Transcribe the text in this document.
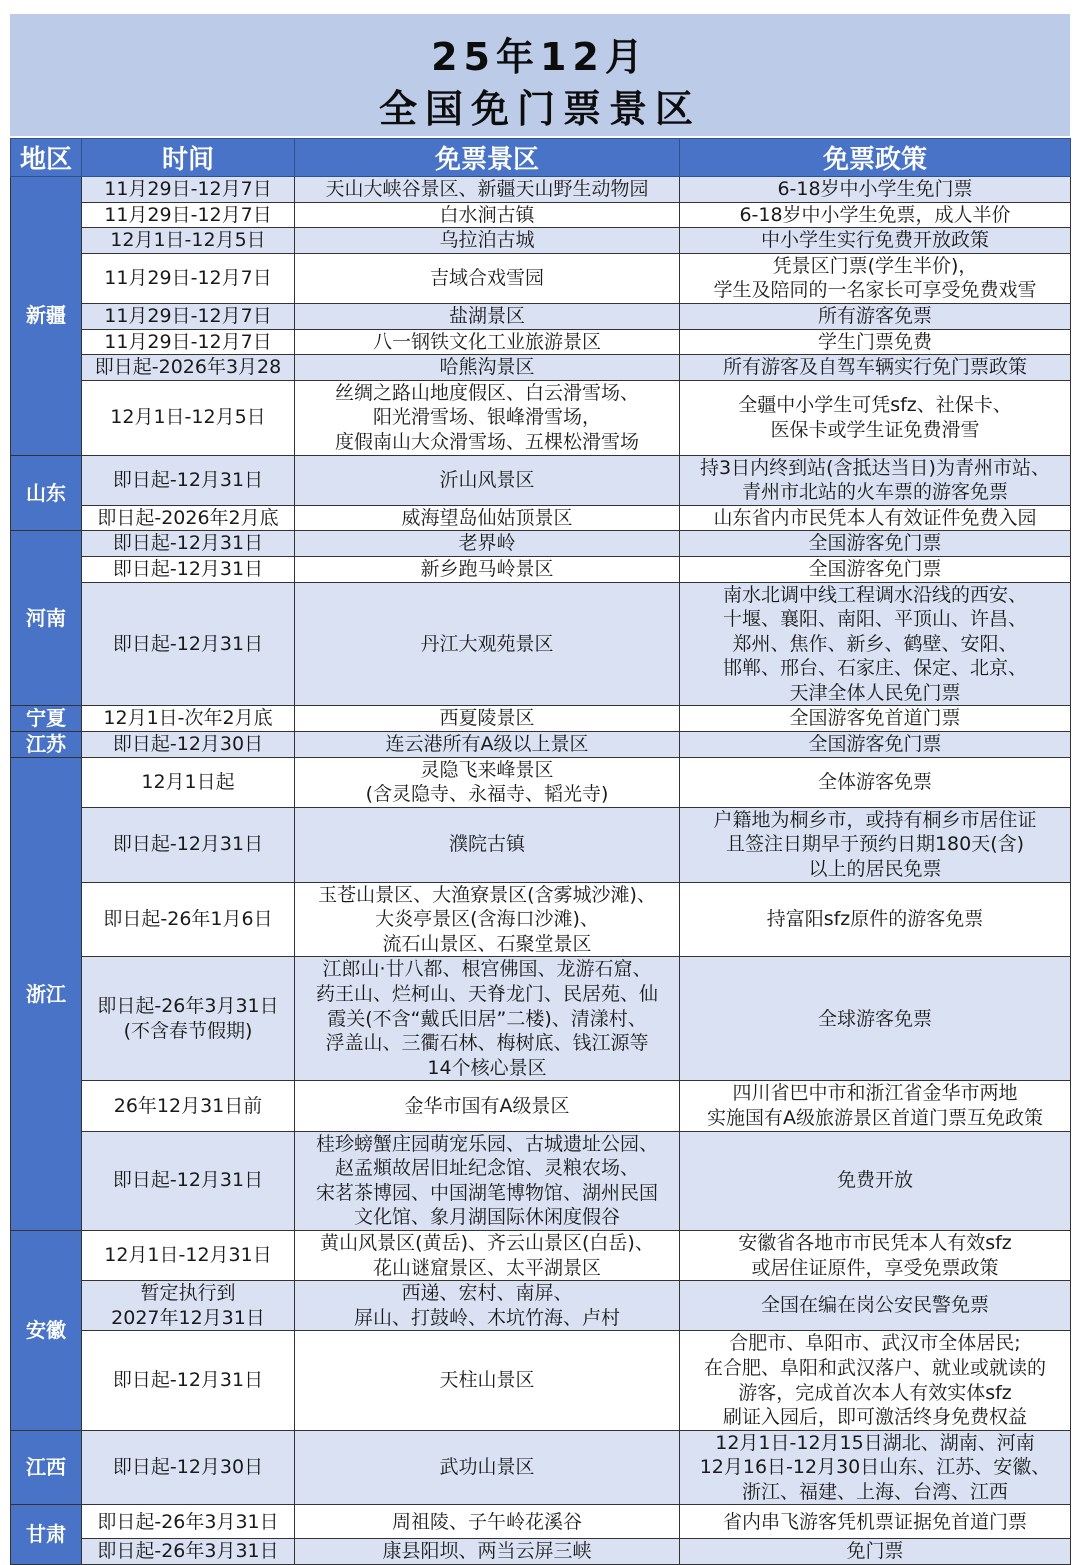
25年12月
全国免门票景区
地区	时间	免票景区	免票政策
新疆	11月29日-12月7日	天山大峡谷景区、新疆天山野生动物园	6-18岁中小学生免门票
	11月29日-12月7日	白水涧古镇	6-18岁中小学生免票，成人半价
	12月1日-12月5日	乌拉泊古城	中小学生实行免费开放政策
	11月29日-12月7日	吉域合戏雪园	凭景区门票(学生半价)，
学生及陪同的一名家长可享受免费戏雪
	11月29日-12月7日	盐湖景区	所有游客免票
	11月29日-12月7日	八一钢铁文化工业旅游景区	学生门票免费
	即日起-2026年3月28	哈熊沟景区	所有游客及自驾车辆实行免门票政策
	12月1日-12月5日	丝绸之路山地度假区、白云滑雪场、
阳光滑雪场、银峰滑雪场，
度假南山大众滑雪场、五棵松滑雪场	全疆中小学生可凭sfz、社保卡、
医保卡或学生证免费滑雪
山东	即日起-12月31日	沂山风景区	持3日内终到站(含抵达当日)为青州市站、
青州市北站的火车票的游客免票
	即日起-2026年2月底	威海望岛仙姑顶景区	山东省内市民凭本人有效证件免费入园
河南	即日起-12月31日	老界岭	全国游客免门票
	即日起-12月31日	新乡跑马岭景区	全国游客免门票
	即日起-12月31日	丹江大观苑景区	南水北调中线工程调水沿线的西安、
十堰、襄阳、南阳、平顶山、许昌、
郑州、焦作、新乡、鹤壁、安阳、
邯郸、邢台、石家庄、保定、北京、
天津全体人民免门票
宁夏	12月1日-次年2月底	西夏陵景区	全国游客免首道门票
江苏	即日起-12月30日	连云港所有A级以上景区	全国游客免门票
浙江	12月1日起	灵隐飞来峰景区
(含灵隐寺、永福寺、韬光寺)	全体游客免票
	即日起-12月31日	濮院古镇	户籍地为桐乡市，或持有桐乡市居住证
且签注日期早于预约日期180天(含)
以上的居民免票
	即日起-26年1月6日	玉苍山景区、大渔寮景区(含雾城沙滩)、
大炎亭景区(含海口沙滩)、
流石山景区、石聚堂景区	持富阳sfz原件的游客免票
	即日起-26年3月31日
(不含春节假期)	江郎山·廿八都、根宫佛国、龙游石窟、
药王山、烂柯山、天脊龙门、民居苑、仙
霞关(不含“戴氏旧居”二楼)、清漾村、
浮盖山、三衢石林、梅树底、钱江源等
14个核心景区	全球游客免票
	26年12月31日前	金华市国有A级景区	四川省巴中市和浙江省金华市两地
实施国有A级旅游景区首道门票互免政策
	即日起-12月31日	桂珍螃蟹庄园萌宠乐园、古城遗址公园、
赵孟頫故居旧址纪念馆、灵粮农场、
宋茗茶博园、中国湖笔博物馆、湖州民国
文化馆、象月湖国际休闲度假谷	免费开放
安徽	12月1日-12月31日	黄山风景区(黄岳)、齐云山景区(白岳)、
花山谜窟景区、太平湖景区	安徽省各地市市民凭本人有效sfz
或居住证原件，享受免票政策
	暂定执行到
2027年12月31日	西递、宏村、南屏、
屏山、打鼓岭、木坑竹海、卢村	全国在编在岗公安民警免票
	即日起-12月31日	天柱山景区	合肥市、阜阳市、武汉市全体居民;
在合肥、阜阳和武汉落户、就业或就读的
游客，完成首次本人有效实体sfz
刷证入园后，即可激活终身免费权益
江西	即日起-12月30日	武功山景区	12月1日-12月15日湖北、湖南、河南
12月16日-12月30日山东、江苏、安徽、
浙江、福建、上海、台湾、江西
甘肃	即日起-26年3月31日	周祖陵、子午岭花溪谷	省内串飞游客凭机票证据免首道门票
	即日起-26年3月31日	康县阳坝、两当云屏三峡	免门票
